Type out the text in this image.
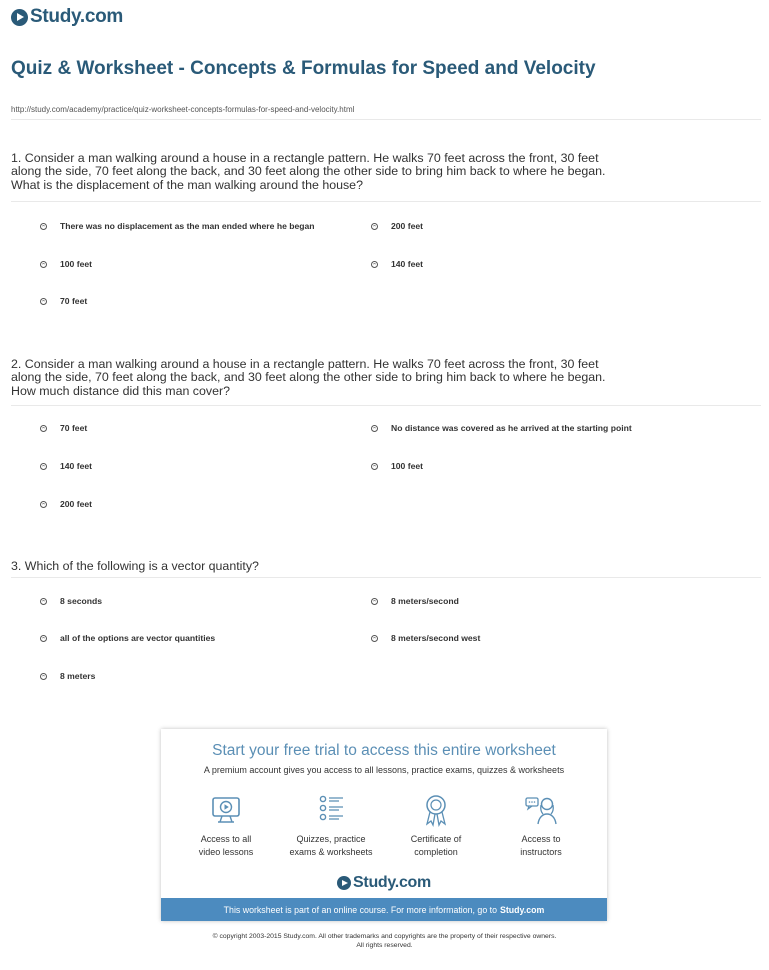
Study.com
Quiz & Worksheet - Concepts & Formulas for Speed and Velocity
http://study.com/academy/practice/quiz-worksheet-concepts-formulas-for-speed-and-velocity.html
1. Consider a man walking around a house in a rectangle pattern. He walks 70 feet across the front, 30 feet along the side, 70 feet along the back, and 30 feet along the other side to bring him back to where he began. What is the displacement of the man walking around the house?
There was no displacement as the man ended where he began	200 feet
100 feet	140 feet
70 feet
2. Consider a man walking around a house in a rectangle pattern. He walks 70 feet across the front, 30 feet along the side, 70 feet along the back, and 30 feet along the other side to bring him back to where he began. How much distance did this man cover?
70 feet	No distance was covered as he arrived at the starting point
140 feet	100 feet
200 feet
3. Which of the following is a vector quantity?
8 seconds	8 meters/second
all of the options are vector quantities	8 meters/second west
8 meters
Start your free trial to access this entire worksheet
A premium account gives you access to all lessons, practice exams, quizzes & worksheets
Access to all
video lessons
Quizzes, practice
exams & worksheets
Certificate of
completion
Access to
instructors
Study.com
This worksheet is part of an online course. For more information, go to Study.com
© copyright 2003-2015 Study.com. All other trademarks and copyrights are the property of their respective owners.
All rights reserved.
